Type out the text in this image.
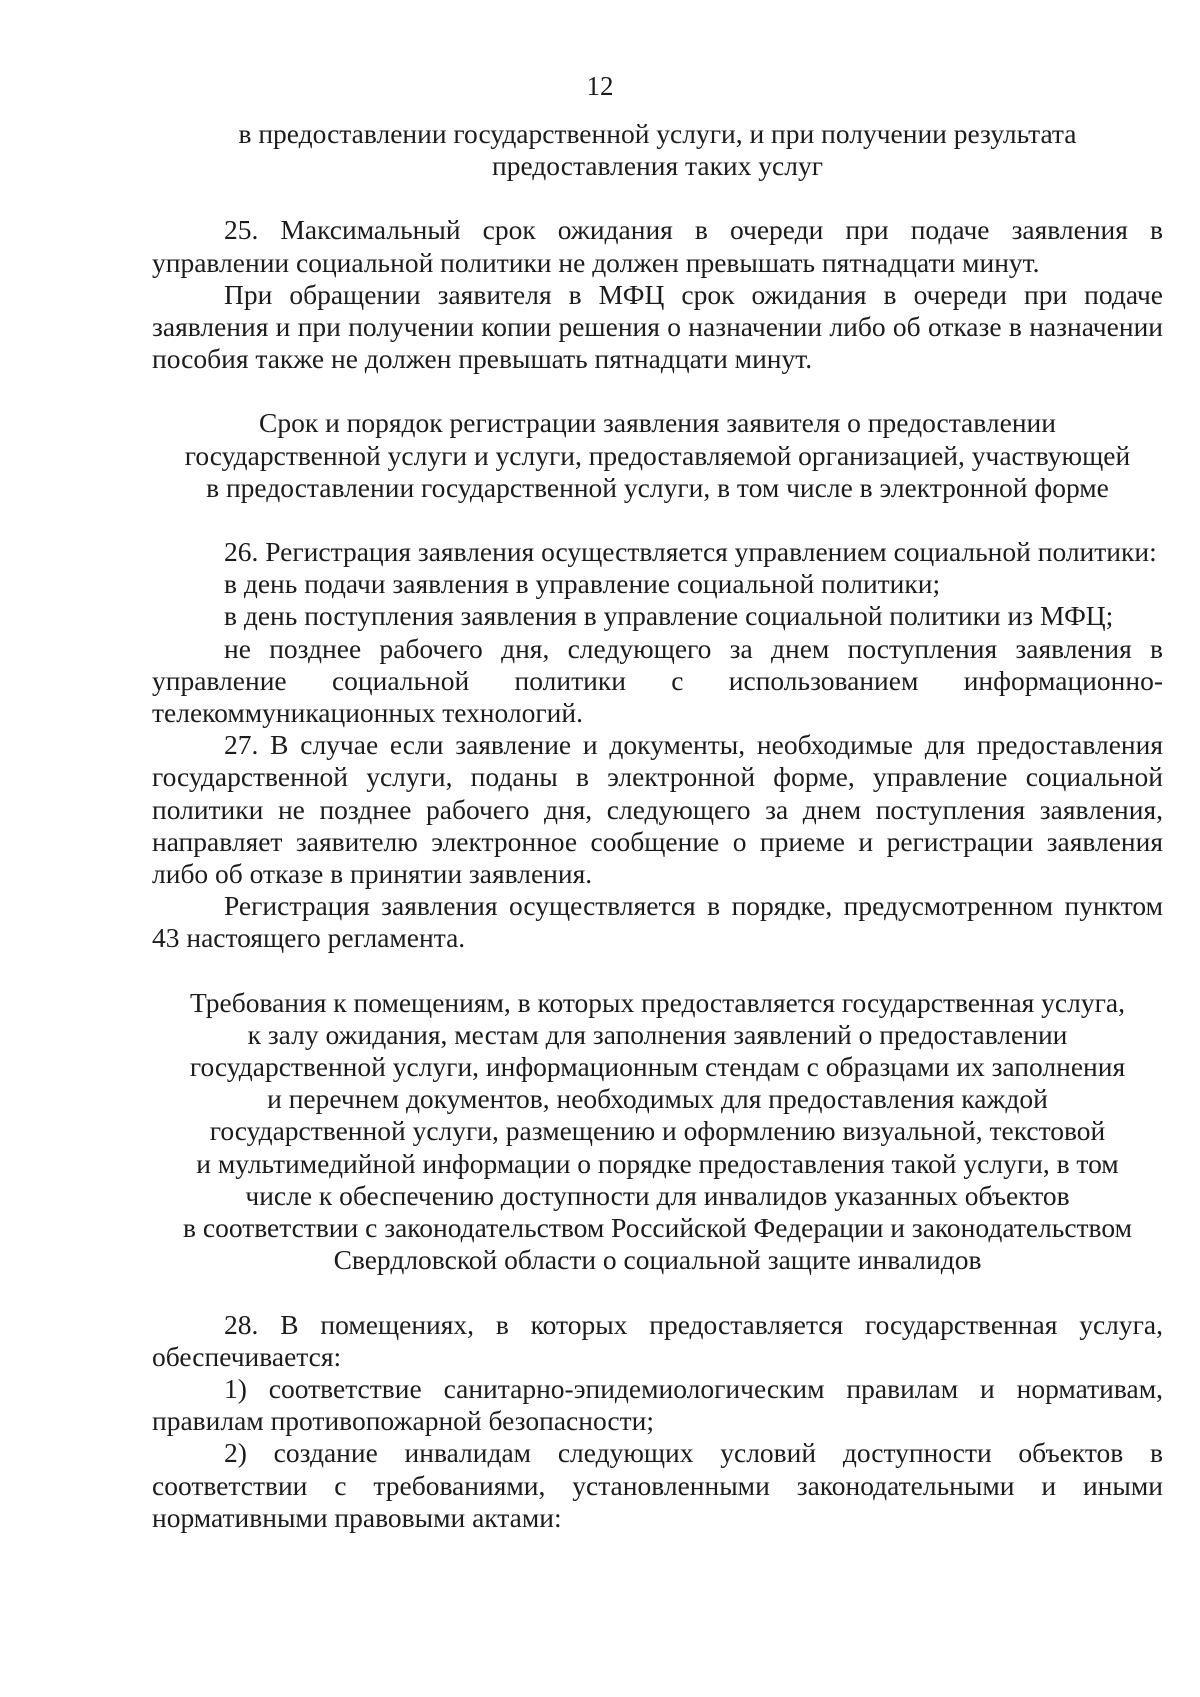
12
в предоставлении государственной услуги, и при получении результата
предоставления таких услуг

25. Максимальный срок ожидания в очереди при подаче заявления в управлении социальной политики не должен превышать пятнадцати минут.

При обращении заявителя в МФЦ срок ожидания в очереди при подаче заявления и при получении копии решения о назначении либо об отказе в назначении пособия также не должен превышать пятнадцати минут.

Срок и порядок регистрации заявления заявителя о предоставлении
государственной услуги и услуги, предоставляемой организацией, участвующей
в предоставлении государственной услуги, в том числе в электронной форме

26. Регистрация заявления осуществляется управлением социальной политики:

в день подачи заявления в управление социальной политики;

в день поступления заявления в управление социальной политики из МФЦ;

не позднее рабочего дня, следующего за днем поступления заявления в управление социальной политики с использованием информационно-телекоммуникационных технологий.

27. В случае если заявление и документы, необходимые для предоставления государственной услуги, поданы в электронной форме, управление социальной политики не позднее рабочего дня, следующего за днем поступления заявления, направляет заявителю электронное сообщение о приеме и регистрации заявления либо об отказе в принятии заявления.

Регистрация заявления осуществляется в порядке, предусмотренном пунктом 43 настоящего регламента.

Требования к помещениям, в которых предоставляется государственная услуга,
к залу ожидания, местам для заполнения заявлений о предоставлении
государственной услуги, информационным стендам с образцами их заполнения
и перечнем документов, необходимых для предоставления каждой
государственной услуги, размещению и оформлению визуальной, текстовой
и мультимедийной информации о порядке предоставления такой услуги, в том
числе к обеспечению доступности для инвалидов указанных объектов
в соответствии с законодательством Российской Федерации и законодательством
Свердловской области о социальной защите инвалидов

28. В помещениях, в которых предоставляется государственная услуга, обеспечивается:

1) соответствие санитарно-эпидемиологическим правилам и нормативам, правилам противопожарной безопасности;

2) создание инвалидам следующих условий доступности объектов в соответствии с требованиями, установленными законодательными и иными нормативными правовыми актами:
